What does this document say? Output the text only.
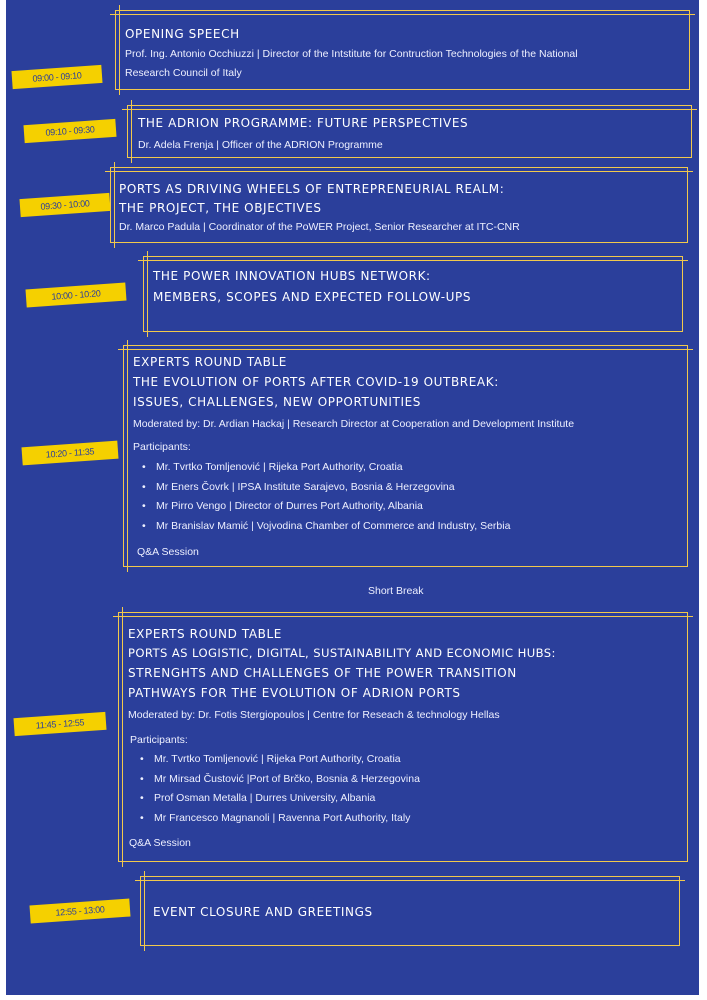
09:00 - 09:10
OPENING SPEECH
Prof. Ing. Antonio Occhiuzzi | Director of the Intstitute for Contruction Technologies of the National
Research Council of Italy
09:10 - 09:30
THE ADRION PROGRAMME: FUTURE PERSPECTIVES
Dr. Adela Frenja | Officer of the ADRION Programme
09:30 - 10:00
PORTS AS DRIVING WHEELS OF ENTREPRENEURIAL REALM:
THE PROJECT, THE OBJECTIVES
Dr. Marco Padula | Coordinator of the PoWER Project, Senior Researcher at ITC-CNR
10:00 - 10:20
THE POWER INNOVATION HUBS NETWORK:
MEMBERS, SCOPES AND EXPECTED FOLLOW-UPS
10:20 - 11:35
EXPERTS ROUND TABLE
THE EVOLUTION OF PORTS AFTER COVID-19 OUTBREAK:
ISSUES, CHALLENGES, NEW OPPORTUNITIES
Moderated by: Dr. Ardian Hackaj | Research Director at Cooperation and Development Institute
Participants:
• Mr. Tvrtko Tomljenović | Rijeka Port Authority, Croatia
• Mr Eners Čovrk | IPSA Institute Sarajevo, Bosnia & Herzegovina
• Mr Pirro Vengo | Director of Durres Port Authority, Albania
• Mr Branislav Mamić | Vojvodina Chamber of Commerce and Industry, Serbia
Q&A Session
Short Break
11:45 - 12:55
EXPERTS ROUND TABLE
PORTS AS LOGISTIC, DIGITAL, SUSTAINABILITY AND ECONOMIC HUBS:
STRENGHTS AND CHALLENGES OF THE POWER TRANSITION
PATHWAYS FOR THE EVOLUTION OF ADRION PORTS
Moderated by: Dr. Fotis Stergiopoulos | Centre for Reseach & technology Hellas
Participants:
• Mr. Tvrtko Tomljenović | Rijeka Port Authority, Croatia
• Mr Mirsad Čustović |Port of Brčko, Bosnia & Herzegovina
• Prof Osman Metalla | Durres University, Albania
• Mr Francesco Magnanoli | Ravenna Port Authority, Italy
Q&A Session
12:55 - 13:00	EVENT CLOSURE AND GREETINGS
